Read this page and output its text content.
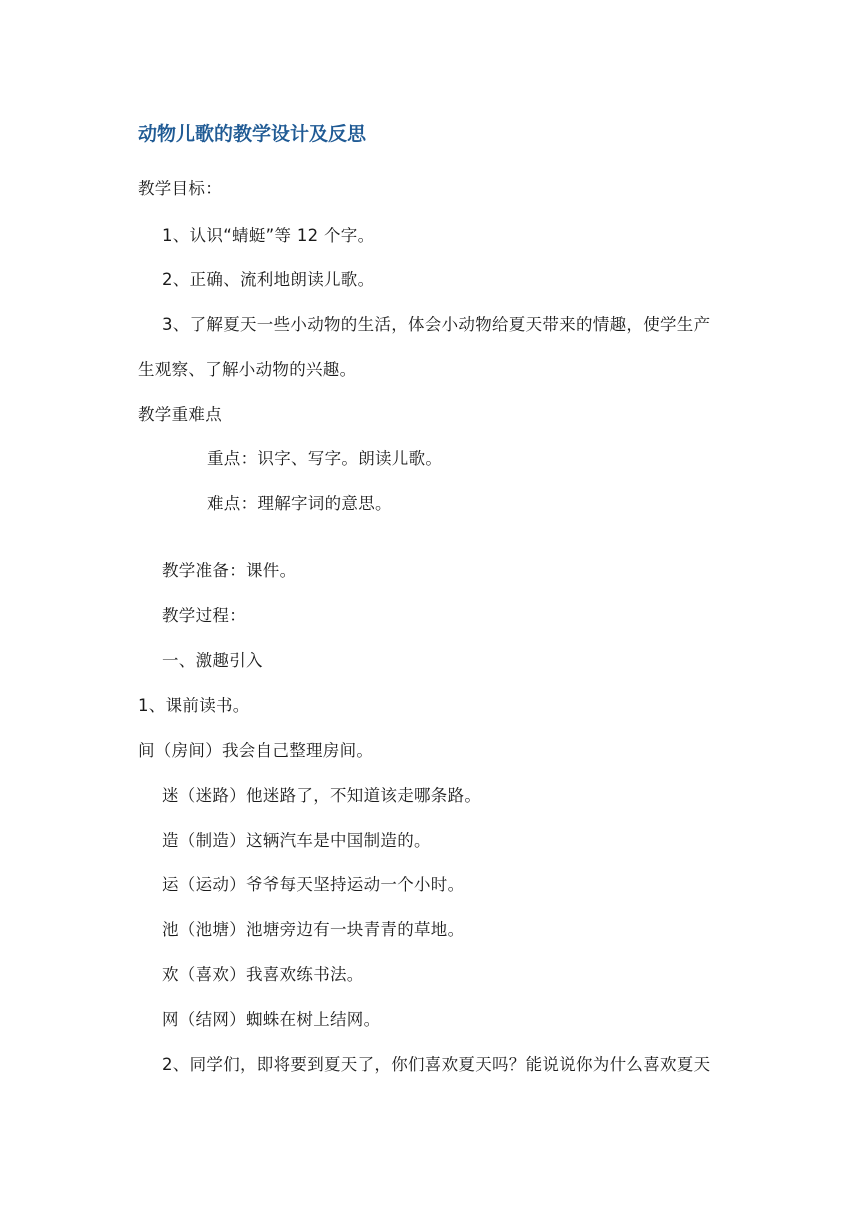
动物儿歌的教学设计及反思
教学目标：
1、认识“蜻蜓”等 12 个字。
2、正确、流利地朗读儿歌。
3、了解夏天一些小动物的生活，体会小动物给夏天带来的情趣，使学生产
生观察、了解小动物的兴趣。
教学重难点
重点：识字、写字。朗读儿歌。
难点：理解字词的意思。
教学准备：课件。
教学过程：
一、激趣引入
1、课前读书。
间（房间）我会自己整理房间。
迷（迷路）他迷路了，不知道该走哪条路。
造（制造）这辆汽车是中国制造的。
运（运动）爷爷每天坚持运动一个小时。
池（池塘）池塘旁边有一块青青的草地。
欢（喜欢）我喜欢练书法。
网（结网）蜘蛛在树上结网。
2、同学们，即将要到夏天了，你们喜欢夏天吗？能说说你为什么喜欢夏天
